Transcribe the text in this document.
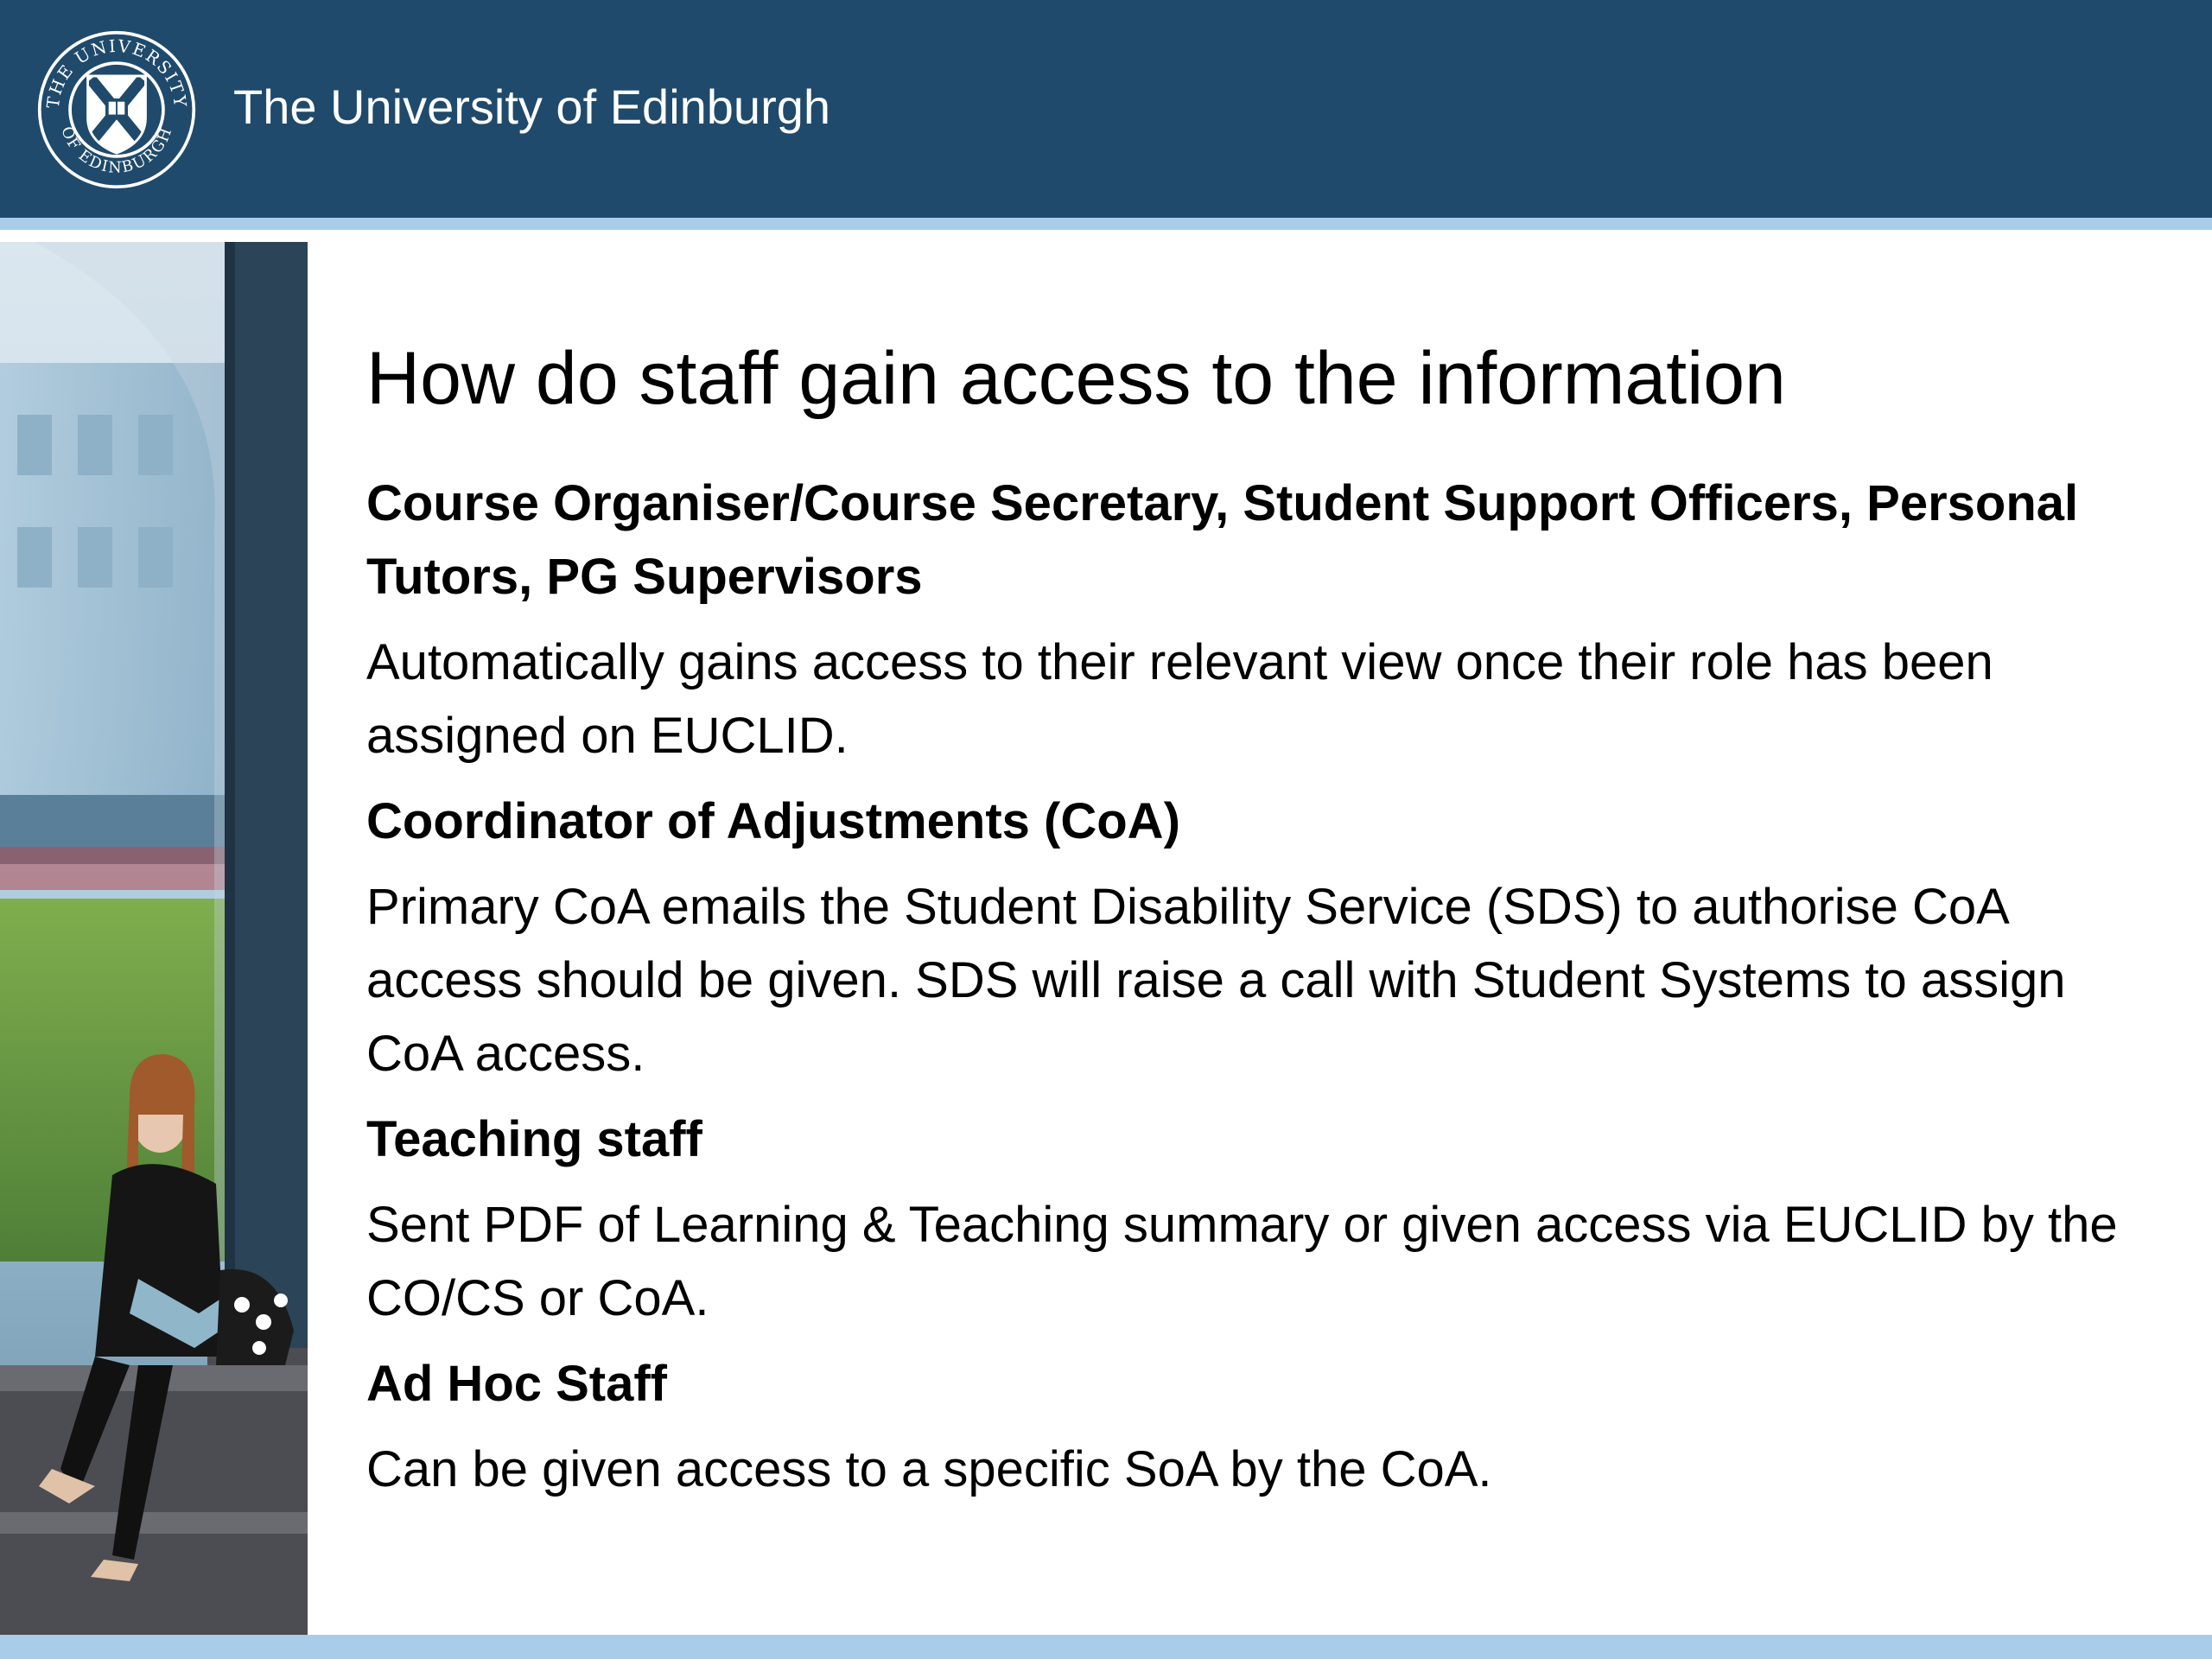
THE UNIVERSITY
OF EDINBURGH
The University of Edinburgh
How do staff gain access to the information
Course Organiser/Course Secretary, Student Support Officers, Personal Tutors, PG Supervisors
Automatically gains access to their relevant view once their role has been assigned on EUCLID.
Coordinator of Adjustments (CoA)
Primary CoA emails the Student Disability Service (SDS) to authorise CoA access should be given. SDS will raise a call with Student Systems to assign CoA access.
Teaching staff
Sent PDF of Learning & Teaching summary or given access via EUCLID by the CO/CS or CoA.
Ad Hoc Staff
Can be given access to a specific SoA by the CoA.
